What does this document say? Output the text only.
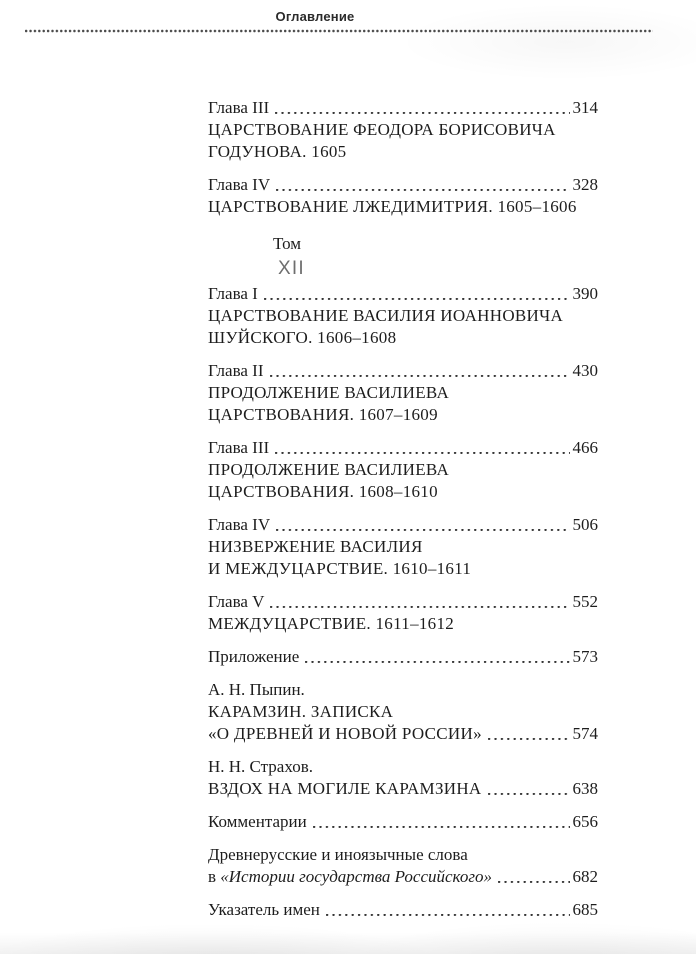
Оглавление
Глава III	314
ЦАРСТВОВАНИЕ ФЕОДОРА БОРИСОВИЧА
ГОДУНОВА. 1605
Глава IV	328
ЦАРСТВОВАНИЕ ЛЖЕДИМИТРИЯ. 1605–1606
Том
XII
Глава I	390
ЦАРСТВОВАНИЕ ВАСИЛИЯ ИОАННОВИЧА
ШУЙСКОГО. 1606–1608
Глава II	430
ПРОДОЛЖЕНИЕ ВАСИЛИЕВА
ЦАРСТВОВАНИЯ. 1607–1609
Глава III	466
ПРОДОЛЖЕНИЕ ВАСИЛИЕВА
ЦАРСТВОВАНИЯ. 1608–1610
Глава IV	506
НИЗВЕРЖЕНИЕ ВАСИЛИЯ
И МЕЖДУЦАРСТВИЕ. 1610–1611
Глава V	552
МЕЖДУЦАРСТВИЕ. 1611–1612
Приложение	573
А. Н. Пыпин.
КАРАМЗИН. ЗАПИСКА
«О ДРЕВНЕЙ И НОВОЙ РОССИИ»	574
Н. Н. Страхов.
ВЗДОХ НА МОГИЛЕ КАРАМЗИНА	638
Комментарии	656
Древнерусские и иноязычные слова
в «Истории государства Российского»	682
Указатель имен	685
